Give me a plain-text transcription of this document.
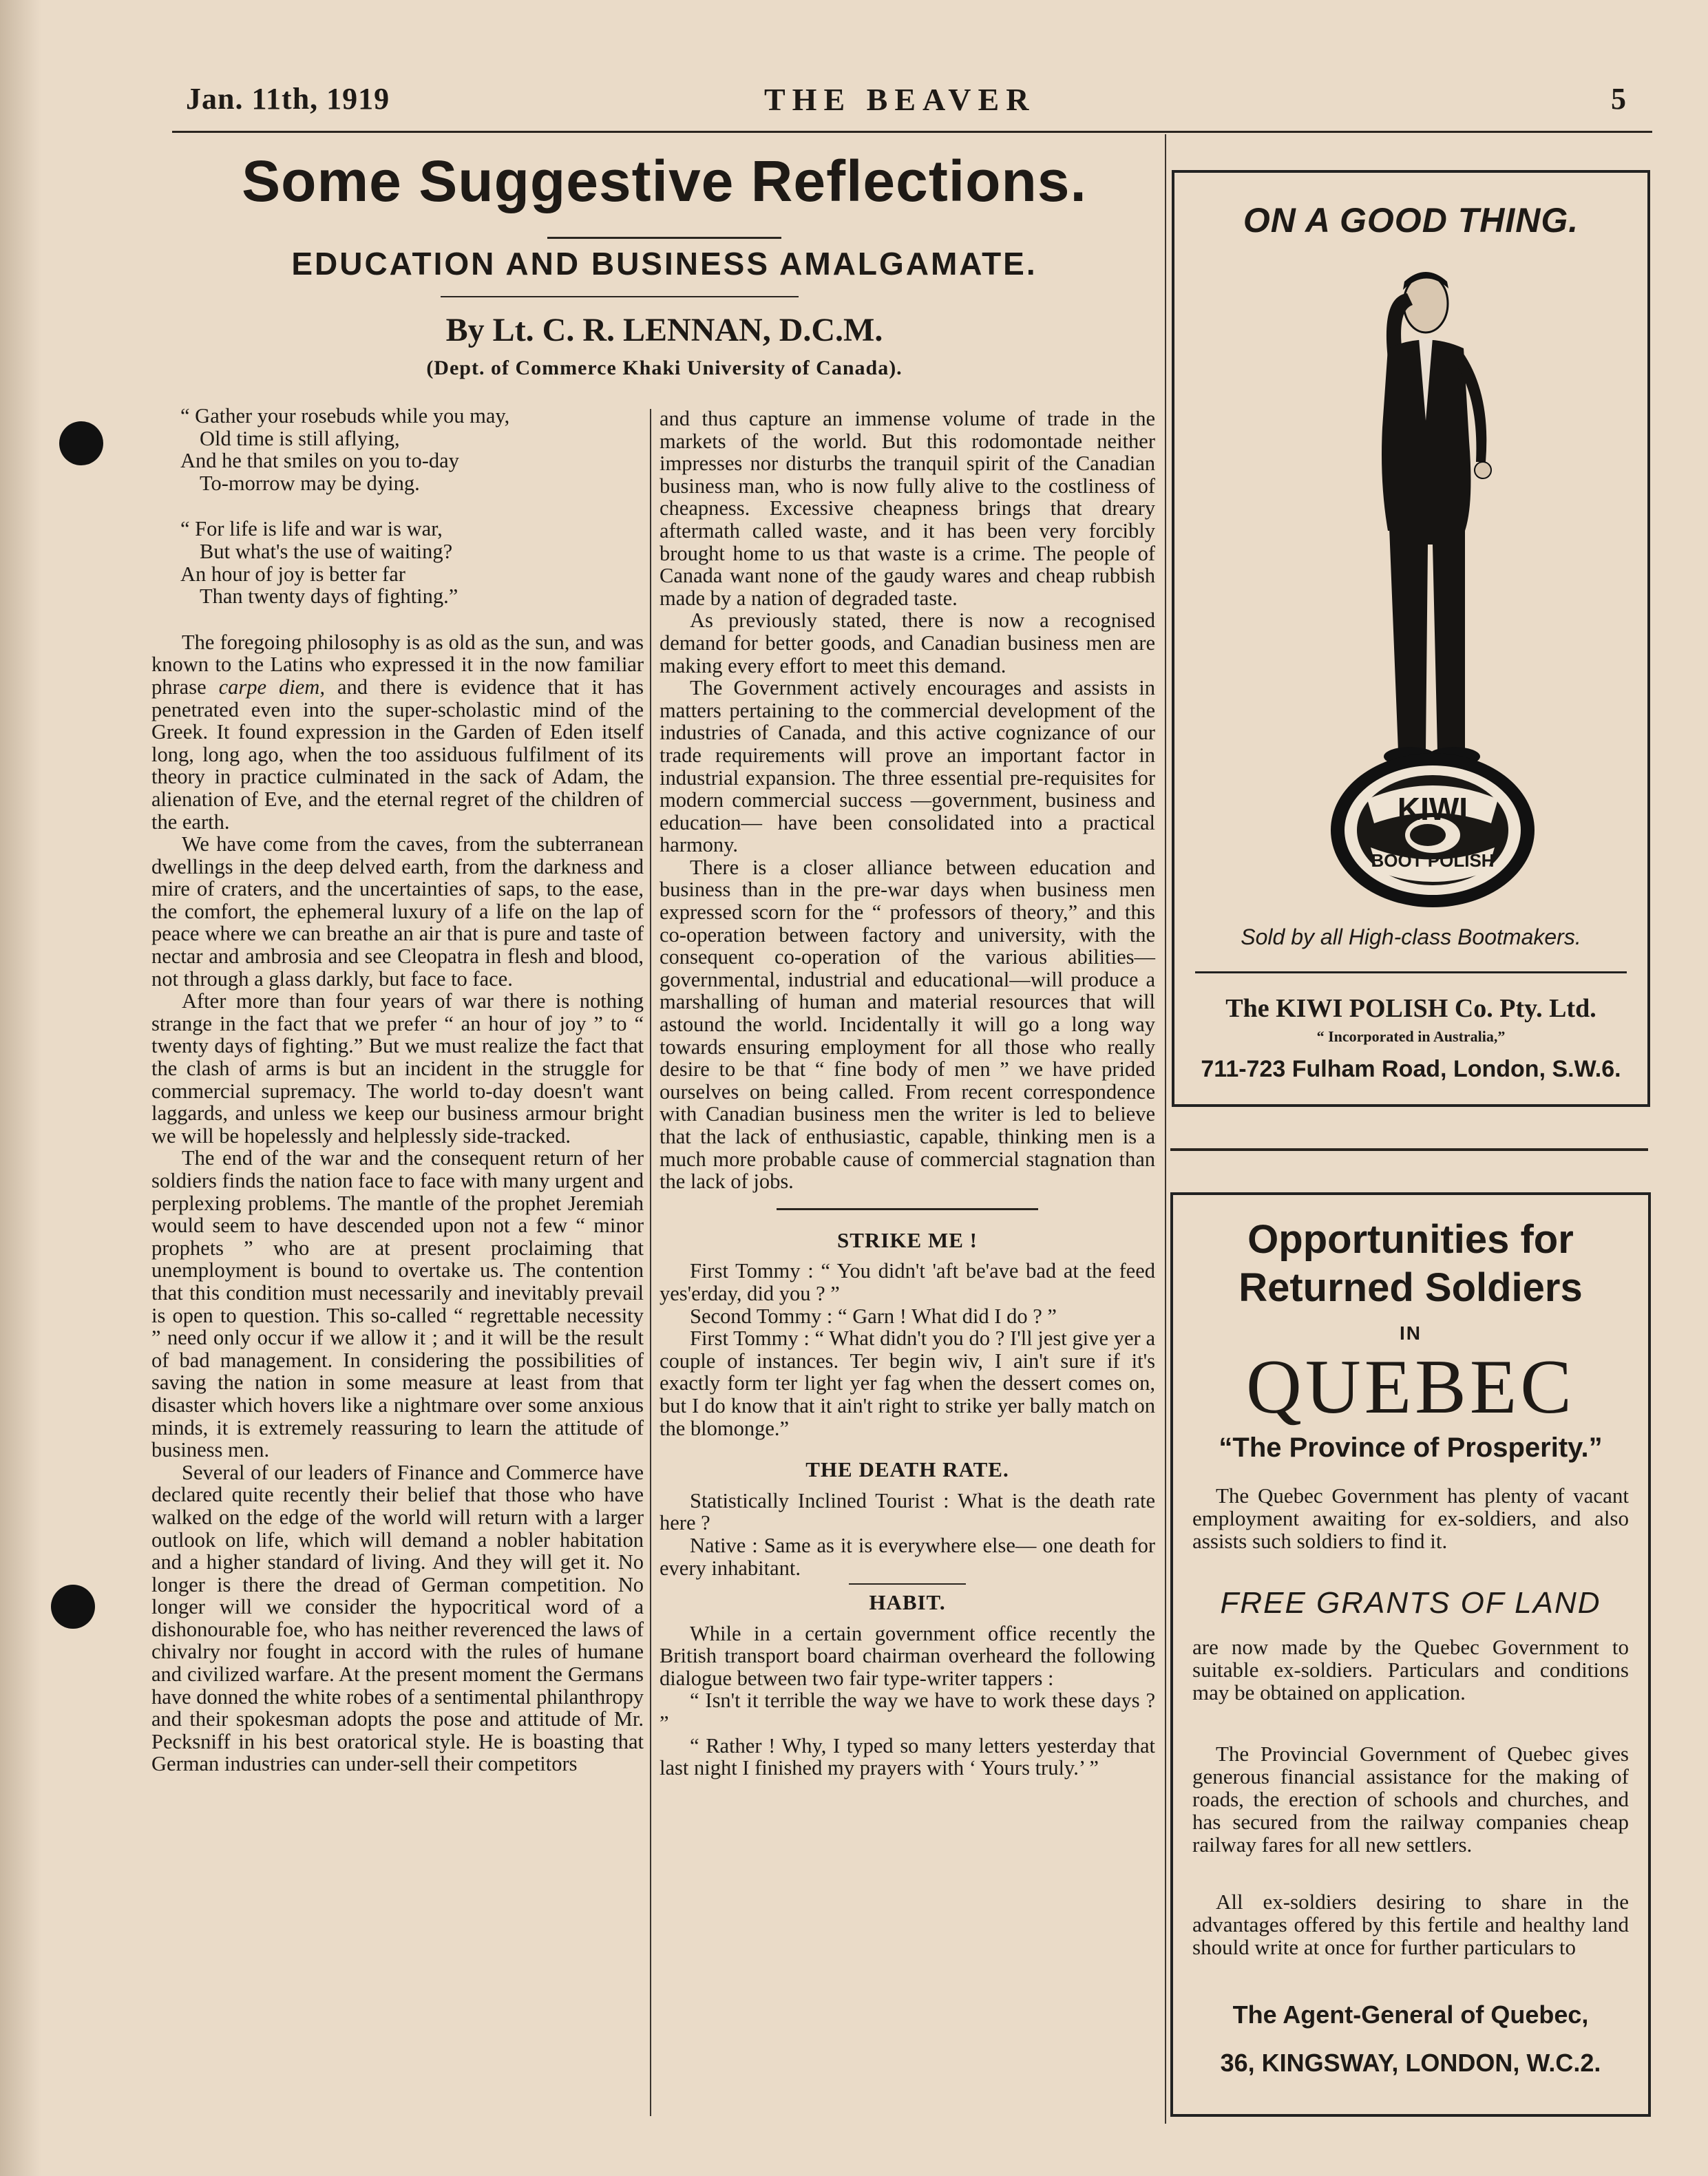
Jan. 11th, 1919	THE BEAVER	5
Some Suggestive Reflections.
EDUCATION AND BUSINESS AMALGAMATE.
By Lt. C. R. LENNAN, D.C.M.
(Dept. of Commerce Khaki University of Canada).
“ Gather your rosebuds while you may,
Old time is still aflying,
And he that smiles on you to-day
To-morrow may be dying.
“ For life is life and war is war,
But what's the use of waiting?
An hour of joy is better far
Than twenty days of fighting.”

The foregoing philosophy is as old as the sun, and was known to the Latins who expressed it in the now familiar phrase carpe diem, and there is evidence that it has penetrated even into the super-scholastic mind of the Greek. It found expression in the Garden of Eden itself long, long ago, when the too assiduous fulfilment of its theory in practice culminated in the sack of Adam, the alienation of Eve, and the eternal regret of the children of the earth.

We have come from the caves, from the subterranean dwellings in the deep delved earth, from the darkness and mire of craters, and the uncertainties of saps, to the ease, the comfort, the ephemeral luxury of a life on the lap of peace where we can breathe an air that is pure and taste of nectar and ambrosia and see Cleopatra in flesh and blood, not through a glass darkly, but face to face.

After more than four years of war there is nothing strange in the fact that we prefer “ an hour of joy ” to “ twenty days of fighting.” But we must realize the fact that the clash of arms is but an incident in the struggle for commercial supremacy. The world to-day doesn't want laggards, and unless we keep our business armour bright we will be hopelessly and helplessly side-tracked.

The end of the war and the consequent return of her soldiers finds the nation face to face with many urgent and perplexing problems. The mantle of the prophet Jeremiah would seem to have descended upon not a few “ minor prophets ” who are at present proclaiming that unemployment is bound to overtake us. The contention that this condition must necessarily and inevitably prevail is open to question. This so-called “ regrettable necessity ” need only occur if we allow it ; and it will be the result of bad management. In considering the possibilities of saving the nation in some measure at least from that disaster which hovers like a nightmare over some anxious minds, it is extremely reassuring to learn the attitude of business men.

Several of our leaders of Finance and Commerce have declared quite recently their belief that those who have walked on the edge of the world will return with a larger outlook on life, which will demand a nobler habitation and a higher standard of living. And they will get it. No longer is there the dread of German competition. No longer will we consider the hypocritical word of a dishonourable foe, who has neither reverenced the laws of chivalry nor fought in accord with the rules of humane and civilized warfare. At the present moment the Germans have donned the white robes of a sentimental philanthropy and their spokesman adopts the pose and attitude of Mr. Pecksniff in his best oratorical style. He is boasting that German industries can under-sell their competitors

and thus capture an immense volume of trade in the markets of the world. But this rodomontade neither impresses nor disturbs the tranquil spirit of the Canadian business man, who is now fully alive to the costliness of cheapness. Excessive cheapness brings that dreary aftermath called waste, and it has been very forcibly brought home to us that waste is a crime. The people of Canada want none of the gaudy wares and cheap rubbish made by a nation of degraded taste.

As previously stated, there is now a recognised demand for better goods, and Canadian business men are making every effort to meet this demand.

The Government actively encourages and assists in matters pertaining to the commercial development of the industries of Canada, and this active cognizance of our trade requirements will prove an important factor in industrial expansion. The three essential pre-requisites for modern commercial success —government, business and education— have been consolidated into a practical harmony.

There is a closer alliance between education and business than in the pre-war days when business men expressed scorn for the “ professors of theory,” and this co-operation between factory and university, with the consequent co-operation of the various abilities—governmental, industrial and educational—will produce a marshalling of human and material resources that will astound the world. Incidentally it will go a long way towards ensuring employment for all those who really desire to be that “ fine body of men ” we have prided ourselves on being called. From recent correspondence with Canadian business men the writer is led to believe that the lack of enthusiastic, capable, thinking men is a much more probable cause of commercial stagnation than the lack of jobs.

STRIKE ME !

First Tommy : “ You didn't 'aft be'ave bad at the feed yes'erday, did you ? ”

Second Tommy : “ Garn ! What did I do ? ”

First Tommy : “ What didn't you do ? I'll jest give yer a couple of instances. Ter begin wiv, I ain't sure if it's exactly form ter light yer fag when the dessert comes on, but I do know that it ain't right to strike yer bally match on the blomonge.”

THE DEATH RATE.

Statistically Inclined Tourist : What is the death rate here ?

Native : Same as it is everywhere else— one death for every inhabitant.

HABIT.

While in a certain government office recently the British transport board chairman overheard the following dialogue between two fair type-writer tappers :

“ Isn't it terrible the way we have to work these days ? ”

“ Rather ! Why, I typed so many letters yesterday that last night I finished my prayers with ‘ Yours truly.’ ”

ON A GOOD THING.
KIWI
BOOT POLISH
Sold by all High-class Bootmakers.
The KIWI POLISH Co. Pty. Ltd.
“ Incorporated in Australia,”
711-723 Fulham Road, London, S.W.6.
Opportunities for
Returned Soldiers
IN
QUEBEC
“The Province of Prosperity.”
The Quebec Government has plenty of vacant employment awaiting for ex-soldiers, and also assists such soldiers to find it.
FREE GRANTS OF LAND
are now made by the Quebec Government to suitable ex-soldiers. Particulars and conditions may be obtained on application.
The Provincial Government of Quebec gives generous financial assistance for the making of roads, the erection of schools and churches, and has secured from the railway companies cheap railway fares for all new settlers.
All ex-soldiers desiring to share in the advantages offered by this fertile and healthy land should write at once for further particulars to
The Agent-General of Quebec,
36, KINGSWAY, LONDON, W.C.2.
